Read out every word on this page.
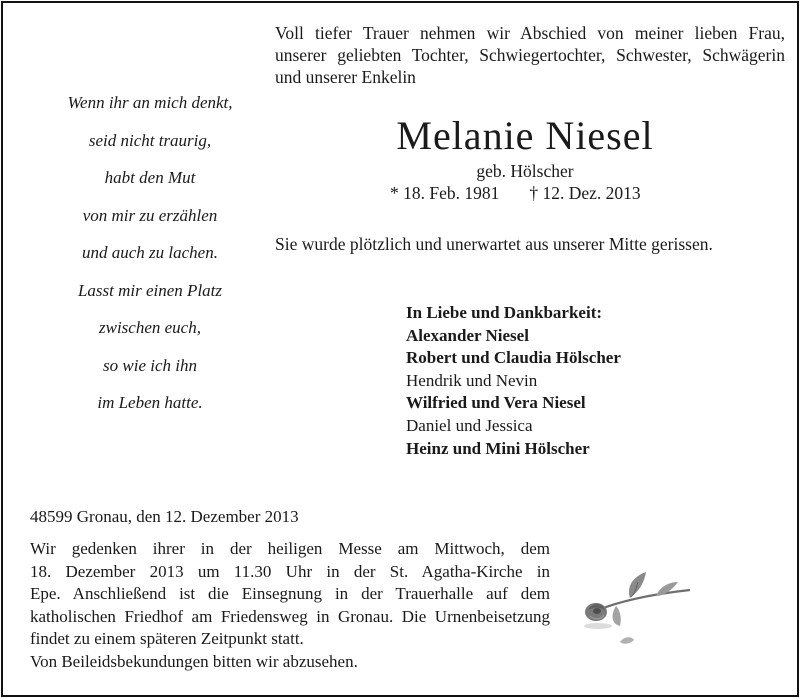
Voll tiefer Trauer nehmen wir Abschied von meiner lieben Frau,
unserer geliebten Tochter, Schwiegertochter, Schwester, Schwägerin
und unserer Enkelin
Wenn ihr an mich denkt,
seid nicht traurig,
habt den Mut
von mir zu erzählen
und auch zu lachen.
Lasst mir einen Platz
zwischen euch,
so wie ich ihn
im Leben hatte.
Melanie Niesel
geb. Hölscher
* 18. Feb. 1981 † 12. Dez. 2013
Sie wurde plötzlich und unerwartet aus unserer Mitte gerissen.
In Liebe und Dankbarkeit:
Alexander Niesel
Robert und Claudia Hölscher
Hendrik und Nevin
Wilfried und Vera Niesel
Daniel und Jessica
Heinz und Mini Hölscher
48599 Gronau, den 12. Dezember 2013
Wir gedenken ihrer in der heiligen Messe am Mittwoch, dem
18. Dezember 2013 um 11.30 Uhr in der St. Agatha-Kirche in
Epe. Anschließend ist die Einsegnung in der Trauerhalle auf dem
katholischen Friedhof am Friedensweg in Gronau. Die Urnenbeisetzung
findet zu einem späteren Zeitpunkt statt.
Von Beileidsbekundungen bitten wir abzusehen.
